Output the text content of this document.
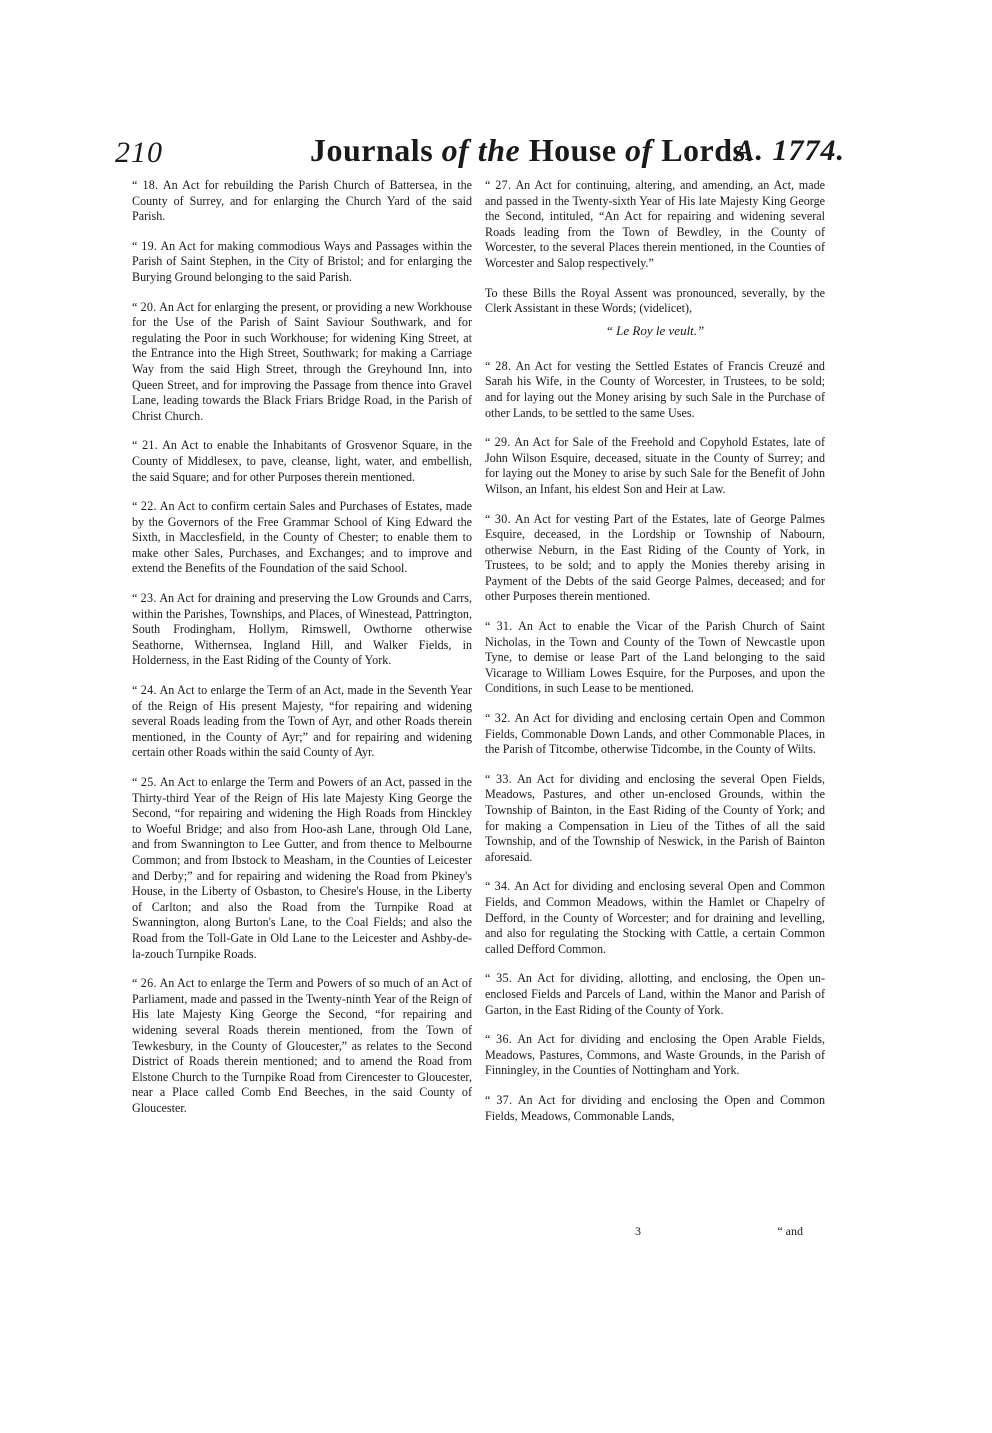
210	Journals of the House of Lords.
A. 1774.

“ 18. An Act for rebuilding the Parish Church of Battersea, in the County of Surrey, and for enlarging the Church Yard of the said Parish.

“ 19. An Act for making commodious Ways and Passages within the Parish of Saint Stephen, in the City of Bristol; and for enlarging the Burying Ground belonging to the said Parish.

“ 20. An Act for enlarging the present, or providing a new Workhouse for the Use of the Parish of Saint Saviour Southwark, and for regulating the Poor in such Workhouse; for widening King Street, at the Entrance into the High Street, Southwark; for making a Carriage Way from the said High Street, through the Greyhound Inn, into Queen Street, and for improving the Passage from thence into Gravel Lane, leading towards the Black Friars Bridge Road, in the Parish of Christ Church.

“ 21. An Act to enable the Inhabitants of Grosvenor Square, in the County of Middlesex, to pave, cleanse, light, water, and embellish, the said Square; and for other Purposes therein mentioned.

“ 22. An Act to confirm certain Sales and Purchases of Estates, made by the Governors of the Free Grammar School of King Edward the Sixth, in Macclesfield, in the County of Chester; to enable them to make other Sales, Purchases, and Exchanges; and to improve and extend the Benefits of the Foundation of the said School.

“ 23. An Act for draining and preserving the Low Grounds and Carrs, within the Parishes, Townships, and Places, of Winestead, Pattrington, South Frodingham, Hollym, Rimswell, Owthorne otherwise Seathorne, Withernsea, Ingland Hill, and Walker Fields, in Holderness, in the East Riding of the County of York.

“ 24. An Act to enlarge the Term of an Act, made in the Seventh Year of the Reign of His present Majesty, “for repairing and widening several Roads leading from the Town of Ayr, and other Roads therein mentioned, in the County of Ayr;” and for repairing and widening certain other Roads within the said County of Ayr.

“ 25. An Act to enlarge the Term and Powers of an Act, passed in the Thirty-third Year of the Reign of His late Majesty King George the Second, “for repairing and widening the High Roads from Hinckley to Woeful Bridge; and also from Hoo-ash Lane, through Old Lane, and from Swannington to Lee Gutter, and from thence to Melbourne Common; and from Ibstock to Measham, in the Counties of Leicester and Derby;” and for repairing and widening the Road from Pkiney's House, in the Liberty of Osbaston, to Chesire's House, in the Liberty of Carlton; and also the Road from the Turnpike Road at Swannington, along Burton's Lane, to the Coal Fields; and also the Road from the Toll-Gate in Old Lane to the Leicester and Ashby-de-la-zouch Turnpike Roads.

“ 26. An Act to enlarge the Term and Powers of so much of an Act of Parliament, made and passed in the Twenty-ninth Year of the Reign of His late Majesty King George the Second, “for repairing and widening several Roads therein mentioned, from the Town of Tewkesbury, in the County of Gloucester,” as relates to the Second District of Roads therein mentioned; and to amend the Road from Elstone Church to the Turnpike Road from Cirencester to Gloucester, near a Place called Comb End Beeches, in the said County of Gloucester.

“ 27. An Act for continuing, altering, and amending, an Act, made and passed in the Twenty-sixth Year of His late Majesty King George the Second, intituled, “An Act for repairing and widening several Roads leading from the Town of Bewdley, in the County of Worcester, to the several Places therein mentioned, in the Counties of Worcester and Salop respectively.”

To these Bills the Royal Assent was pronounced, severally, by the Clerk Assistant in these Words; (videlicet),

“ Le Roy le veult.”

“ 28. An Act for vesting the Settled Estates of Francis Creuzé and Sarah his Wife, in the County of Worcester, in Trustees, to be sold; and for laying out the Money arising by such Sale in the Purchase of other Lands, to be settled to the same Uses.

“ 29. An Act for Sale of the Freehold and Copyhold Estates, late of John Wilson Esquire, deceased, situate in the County of Surrey; and for laying out the Money to arise by such Sale for the Benefit of John Wilson, an Infant, his eldest Son and Heir at Law.

“ 30. An Act for vesting Part of the Estates, late of George Palmes Esquire, deceased, in the Lordship or Township of Nabourn, otherwise Neburn, in the East Riding of the County of York, in Trustees, to be sold; and to apply the Monies thereby arising in Payment of the Debts of the said George Palmes, deceased; and for other Purposes therein mentioned.

“ 31. An Act to enable the Vicar of the Parish Church of Saint Nicholas, in the Town and County of the Town of Newcastle upon Tyne, to demise or lease Part of the Land belonging to the said Vicarage to William Lowes Esquire, for the Purposes, and upon the Conditions, in such Lease to be mentioned.

“ 32. An Act for dividing and enclosing certain Open and Common Fields, Commonable Down Lands, and other Commonable Places, in the Parish of Titcombe, otherwise Tidcombe, in the County of Wilts.

“ 33. An Act for dividing and enclosing the several Open Fields, Meadows, Pastures, and other un-enclosed Grounds, within the Township of Bainton, in the East Riding of the County of York; and for making a Compensation in Lieu of the Tithes of all the said Township, and of the Township of Neswick, in the Parish of Bainton aforesaid.

“ 34. An Act for dividing and enclosing several Open and Common Fields, and Common Meadows, within the Hamlet or Chapelry of Defford, in the County of Worcester; and for draining and levelling, and also for regulating the Stocking with Cattle, a certain Common called Defford Common.

“ 35. An Act for dividing, allotting, and enclosing, the Open un-enclosed Fields and Parcels of Land, within the Manor and Parish of Garton, in the East Riding of the County of York.

“ 36. An Act for dividing and enclosing the Open Arable Fields, Meadows, Pastures, Commons, and Waste Grounds, in the Parish of Finningley, in the Counties of Nottingham and York.

“ 37. An Act for dividing and enclosing the Open and Common Fields, Meadows, Commonable Lands,

3	“ and
